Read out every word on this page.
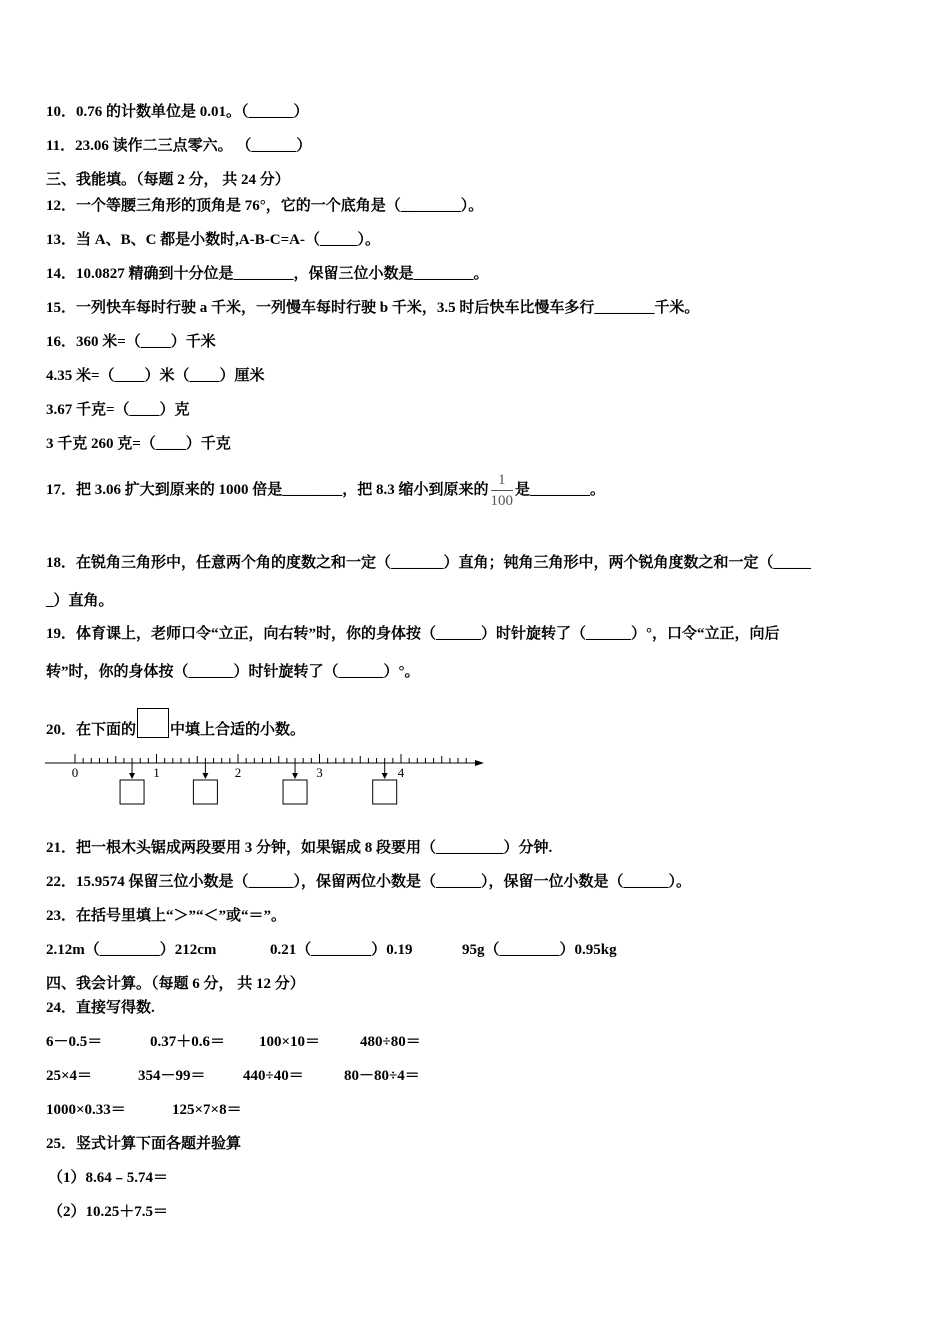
10．0.76 的计数单位是 0.01。（______）
11．23.06 读作二三点零六。 （______）
三、我能填。（每题 2 分， 共 24 分）
12．一个等腰三角形的顶角是 76°，它的一个底角是（________）。
13．当 A、B、C 都是小数时,A-B-C=A-（_____）。
14．10.0827 精确到十分位是________，保留三位小数是________。
15．一列快车每时行驶 a 千米，一列慢车每时行驶 b 千米，3.5 时后快车比慢车多行________千米。
16．360 米=（____）千米
4.35 米=（____）米（____）厘米
3.67 千克=（____）克
3 千克 260 克=（____）千克
17．把 3.06 扩大到原来的 1000 倍是________，把 8.3 缩小到原来的 $\frac{1}{100}$ 是________。
18．在锐角三角形中，任意两个角的度数之和一定（_______）直角；钝角三角形中，两个锐角度数之和一定（_____
_）直角。
19．体育课上，老师口令“立正，向右转”时，你的身体按（______）时针旋转了（______）°，口令“立正，向后
转”时，你的身体按（______）时针旋转了（______）°。
20．在下面的 中填上合适的小数。
0	1	2	3	4
21．把一根木头锯成两段要用 3 分钟，如果锯成 8 段要用（_________）分钟.
22．15.9574 保留三位小数是（______），保留两位小数是（______），保留一位小数是（______）。
23．在括号里填上“＞”“＜”或“＝”。
2.12m（________）212cm	0.21（________）0.19	95g（________）0.95kg
四、我会计算。（每题 6 分， 共 12 分）
24．直接写得数.
6－0.5＝	0.37＋0.6＝ 100×10＝	480÷80＝
25×4＝	354－99＝ 440÷40＝	80－80÷4＝
1000×0.33＝	125×7×8＝
25．竖式计算下面各题并验算
（1）8.64﹣5.74＝
（2）10.25＋7.5＝
